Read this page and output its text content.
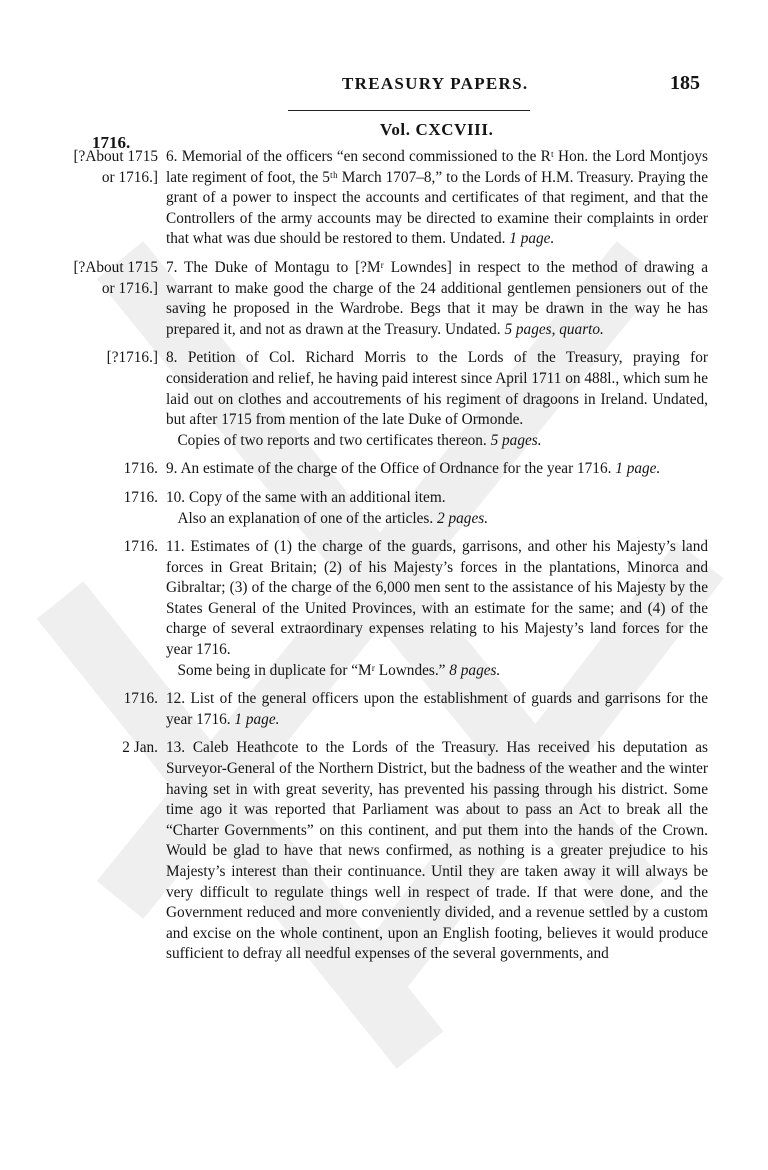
TREASURY PAPERS.	185
Vol. CXCVIII.
1716.
[?About 1715 or 1716.]

6. Memorial of the officers “en second commissioned to the Rᵗ Hon. the Lord Montjoys late regiment of foot, the 5ᵗʰ March 1707–8,” to the Lords of H.M. Treasury. Praying the grant of a power to inspect the accounts and certificates of that regiment, and that the Controllers of the army accounts may be directed to examine their complaints in order that what was due should be restored to them. Undated. 1 page.

[?About 1715 or 1716.]

7. The Duke of Montagu to [?Mʳ Lowndes] in respect to the method of drawing a warrant to make good the charge of the 24 additional gentlemen pensioners out of the saving he proposed in the Wardrobe. Begs that it may be drawn in the way he has prepared it, and not as drawn at the Treasury. Undated. 5 pages, quarto.

[?1716.] 8. Petition of Col. Richard Morris to the Lords of the Treasury, praying for consideration and relief, he having paid interest since April 1711 on 488l., which sum he laid out on clothes and accoutrements of his regiment of dragoons in Ireland. Undated, but after 1715 from mention of the late Duke of Ormonde.

Copies of two reports and two certificates thereon. 5 pages.

1716. 9. An estimate of the charge of the Office of Ordnance for the year 1716. 1 page.

1716. 10. Copy of the same with an additional item.

Also an explanation of one of the articles. 2 pages.

1716. 11. Estimates of (1) the charge of the guards, garrisons, and other his Majesty’s land forces in Great Britain; (2) of his Majesty’s forces in the plantations, Minorca and Gibraltar; (3) of the charge of the 6,000 men sent to the assistance of his Majesty by the States General of the United Provinces, with an estimate for the same; and (4) of the charge of several extraordinary expenses relating to his Majesty’s land forces for the year 1716.

Some being in duplicate for “Mʳ Lowndes.” 8 pages.

1716. 12. List of the general officers upon the establishment of guards and garrisons for the year 1716. 1 page.

2 Jan. 13. Caleb Heathcote to the Lords of the Treasury. Has received his deputation as Surveyor-General of the Northern District, but the badness of the weather and the winter having set in with great severity, has prevented his passing through his district. Some time ago it was reported that Parliament was about to pass an Act to break all the “Charter Governments” on this continent, and put them into the hands of the Crown. Would be glad to have that news confirmed, as nothing is a greater prejudice to his Majesty’s interest than their continuance. Until they are taken away it will always be very difficult to regulate things well in respect of trade. If that were done, and the Government reduced and more conveniently divided, and a revenue settled by a custom and excise on the whole continent, upon an English footing, believes it would produce sufficient to defray all needful expenses of the several governments, and
